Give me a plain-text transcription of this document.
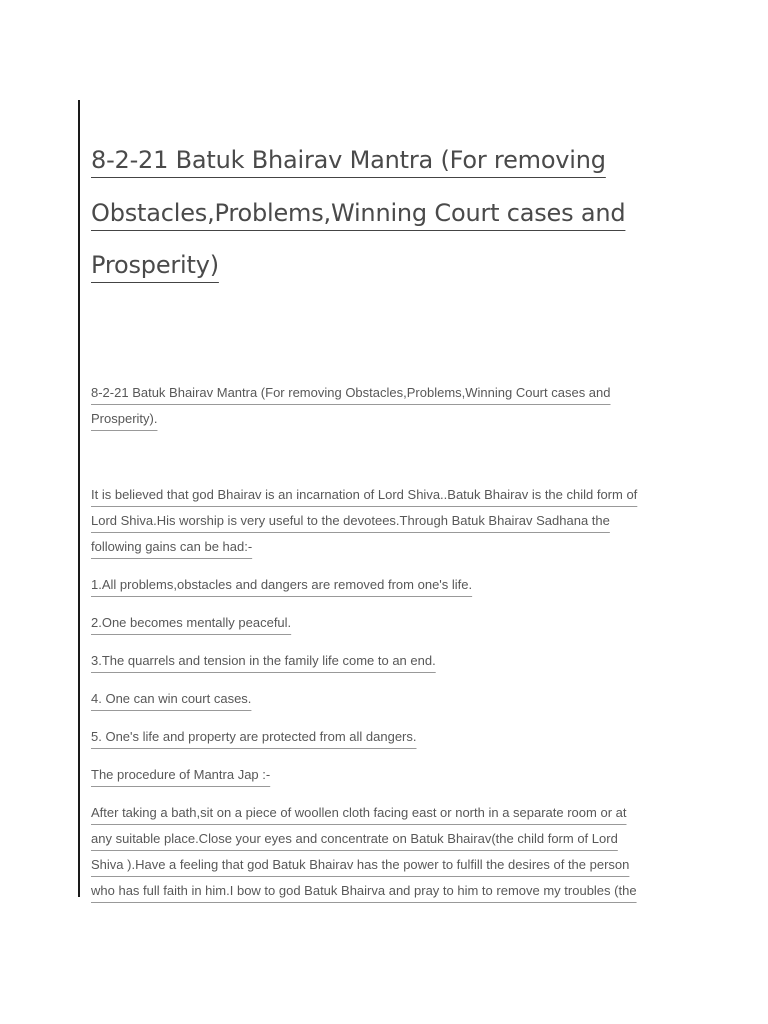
8-2-21 Batuk Bhairav Mantra (For removing
Obstacles,Problems,Winning Court cases and
Prosperity)

8-2-21 Batuk Bhairav Mantra (For removing Obstacles,Problems,Winning Court cases and
Prosperity).

It is believed that god Bhairav is an incarnation of Lord Shiva..Batuk Bhairav is the child form of
Lord Shiva.His worship is very useful to the devotees.Through Batuk Bhairav Sadhana the
following gains can be had:-

1.All problems,obstacles and dangers are removed from one's life.

2.One becomes mentally peaceful.

3.The quarrels and tension in the family life come to an end.

4. One can win court cases.

5. One's life and property are protected from all dangers.

The procedure of Mantra Jap :-

After taking a bath,sit on a piece of woollen cloth facing east or north in a separate room or at
any suitable place.Close your eyes and concentrate on Batuk Bhairav(the child form of Lord
Shiva ).Have a feeling that god Batuk Bhairav has the power to fulfill the desires of the person
who has full faith in him.I bow to god Batuk Bhairva and pray to him to remove my troubles (the
